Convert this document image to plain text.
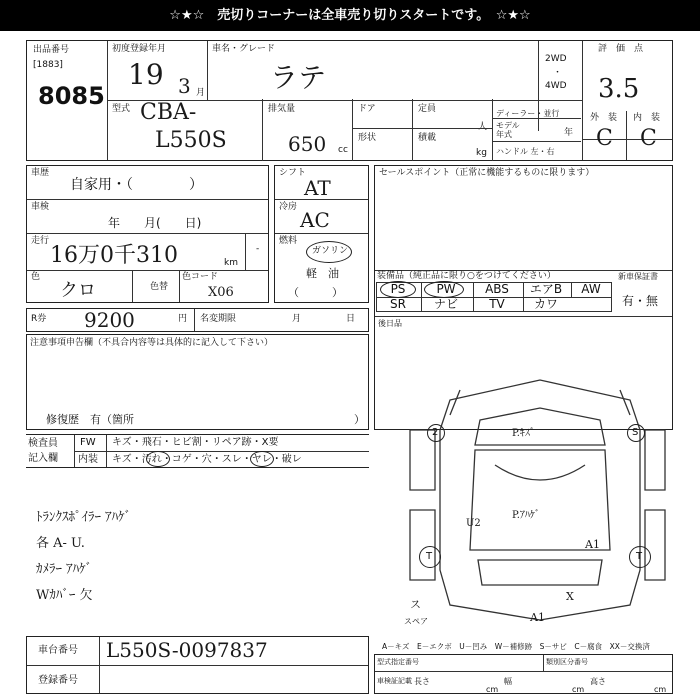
☆★☆　売切りコーナーは全車売り切りスタートです。　☆★☆
出品番号
[1883]
8085
初度登録年月
19 3 月
車名・グレード
ラテ
2WD
・
4WD
型式 CBA-
L550S
排気量
650 cc
ドア
形状
定員
人
積載
kg
ディーラー・並行
モデル年式	年
ハンドル 左・右
評　価　点
3.5
外　装 内　装
C C
車歴
自家用・（　　　　）
車検
年　　月(　　日)
走行
16万0千310	km
-
色
クロ	色替
色コード
X06
シフト
AT
冷房
AC
燃料
ガソリン
軽　油
（　　　）
セールスポイント（正常に機能するものに限ります）
装備品（純正品に限り○をつけてください）	新車保証書
有・無
PS	PW	ABS	エアB	AW
SR	ナビ	TV	カワ
後日品
R券 9200	円 名変期限	月	日
注意事項申告欄（不具合内容等は具体的に記入して下さい）
修復歴　有（箇所	）
検査員
記入欄
FW キズ・飛石・ヒビ割・リペア跡・X要
内装 キズ・汚れ・コゲ・穴・スレ・ヤレ・破レ
ﾄﾗﾝｸｽﾎﾟｲﾗｰ ｱﾊｹﾞ
各 A- U.
ｶﾒﾗｰ ｱﾊｹﾞ
Wｶﾊﾞｰ 欠
2	S
P.ｷｽﾞ
P.ｱﾊｹﾞ
U2
A1
T	T
A1
ス
X
スペア
A－キズ　E－エクボ　U－凹み　W－補修跡　S－サビ　C－腐食　XX－交換済
車台番号 L550S-0097837
登録番号
型式指定番号	類別区分番号
車検証記載 長さ
cm
幅
cm
高さ
cm
